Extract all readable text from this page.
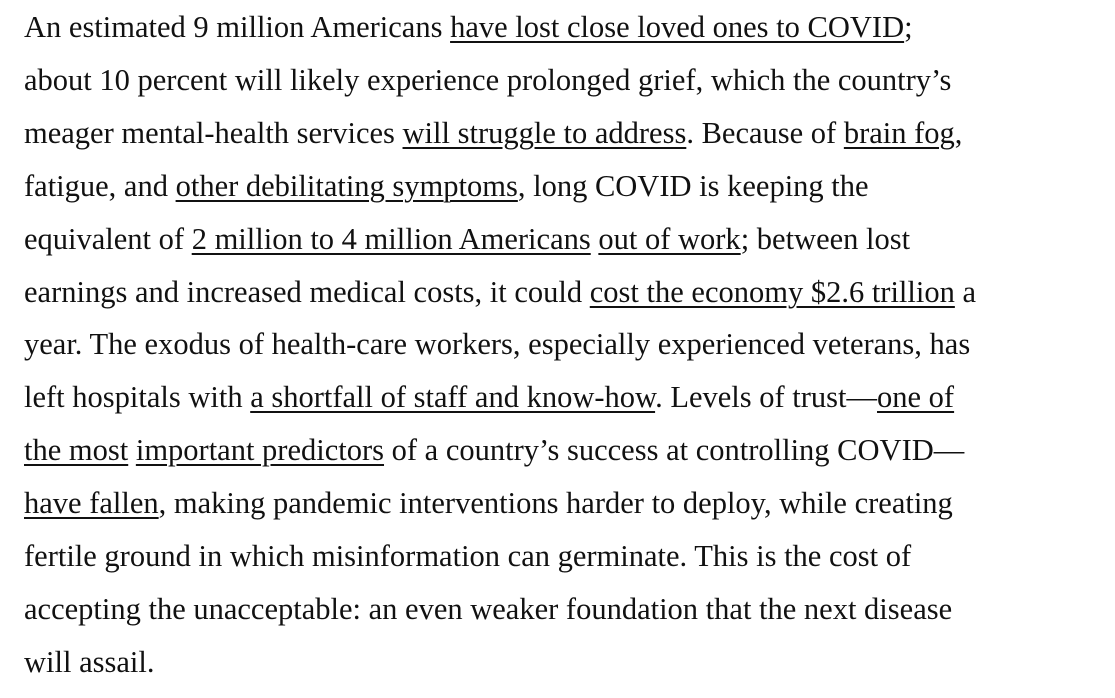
An estimated 9 million Americans have lost close loved ones to COVID;
about 10 percent will likely experience prolonged grief, which the country’s
meager mental-health services will struggle to address. Because of brain fog,
fatigue, and other debilitating symptoms, long COVID is keeping the
equivalent of 2 million to 4 million Americans out of work; between lost
earnings and increased medical costs, it could cost the economy $2.6 trillion a
year. The exodus of health-care workers, especially experienced veterans, has
left hospitals with a shortfall of staff and know-how. Levels of trust—one of
the most important predictors of a country’s success at controlling COVID—
have fallen, making pandemic interventions harder to deploy, while creating
fertile ground in which misinformation can germinate. This is the cost of
accepting the unacceptable: an even weaker foundation that the next disease
will assail.
